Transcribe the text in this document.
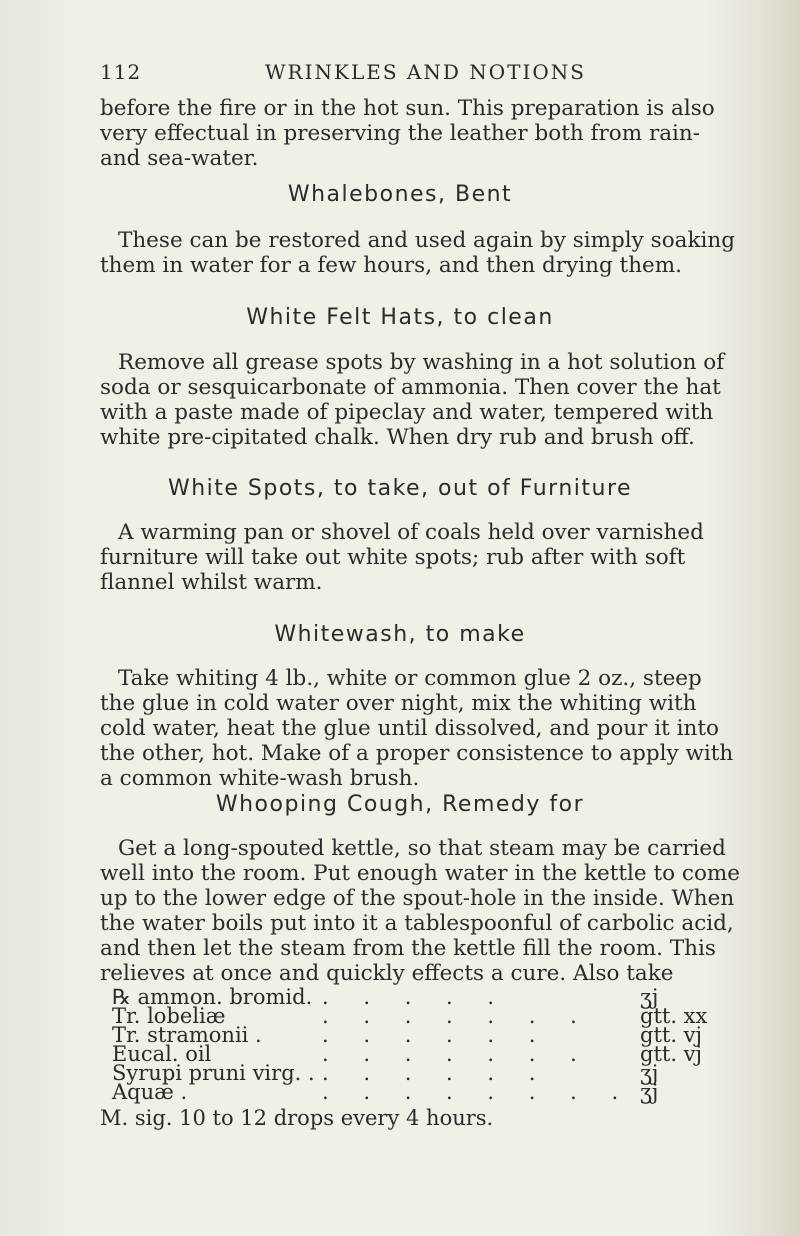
112	WRINKLES AND NOTIONS

before the fire or in the hot sun. This preparation is also very effectual in preserving the leather both from rain- and sea-water.

Whalebones, Bent

These can be restored and used again by simply soaking them in water for a few hours, and then drying them.

White Felt Hats, to clean

Remove all grease spots by washing in a hot solution of soda or sesquicarbonate of ammonia. Then cover the hat with a paste made of pipeclay and water, tempered with white pre-cipitated chalk. When dry rub and brush off.

White Spots, to take, out of Furniture

A warming pan or shovel of coals held over varnished furniture will take out white spots; rub after with soft flannel whilst warm.

Whitewash, to make

Take whiting 4 lb., white or common glue 2 oz., steep the glue in cold water over night, mix the whiting with cold water, heat the glue until dissolved, and pour it into the other, hot. Make of a proper consistence to apply with a common white-wash brush.

Whooping Cough, Remedy for

Get a long-spouted kettle, so that steam may be carried well into the room. Put enough water in the kettle to come up to the lower edge of the spout-hole in the inside. When the water boils put into it a tablespoonful of carbolic acid, and then let the steam from the kettle fill the room. This relieves at once and quickly effects a cure. Also take

℞ ammon. bromid. . . . . .	ʒj
Tr. lobeliæ	. . . . . . . gtt. xx
Tr. stramonii .	. . . . . .	gtt. vj
Eucal. oil	. . . . . . . gtt. vj
Syrupi pruni virg. . . . . . . .	ʒj
Aquæ .	. . . . . . . . ʒj
M. sig. 10 to 12 drops every 4 hours.
